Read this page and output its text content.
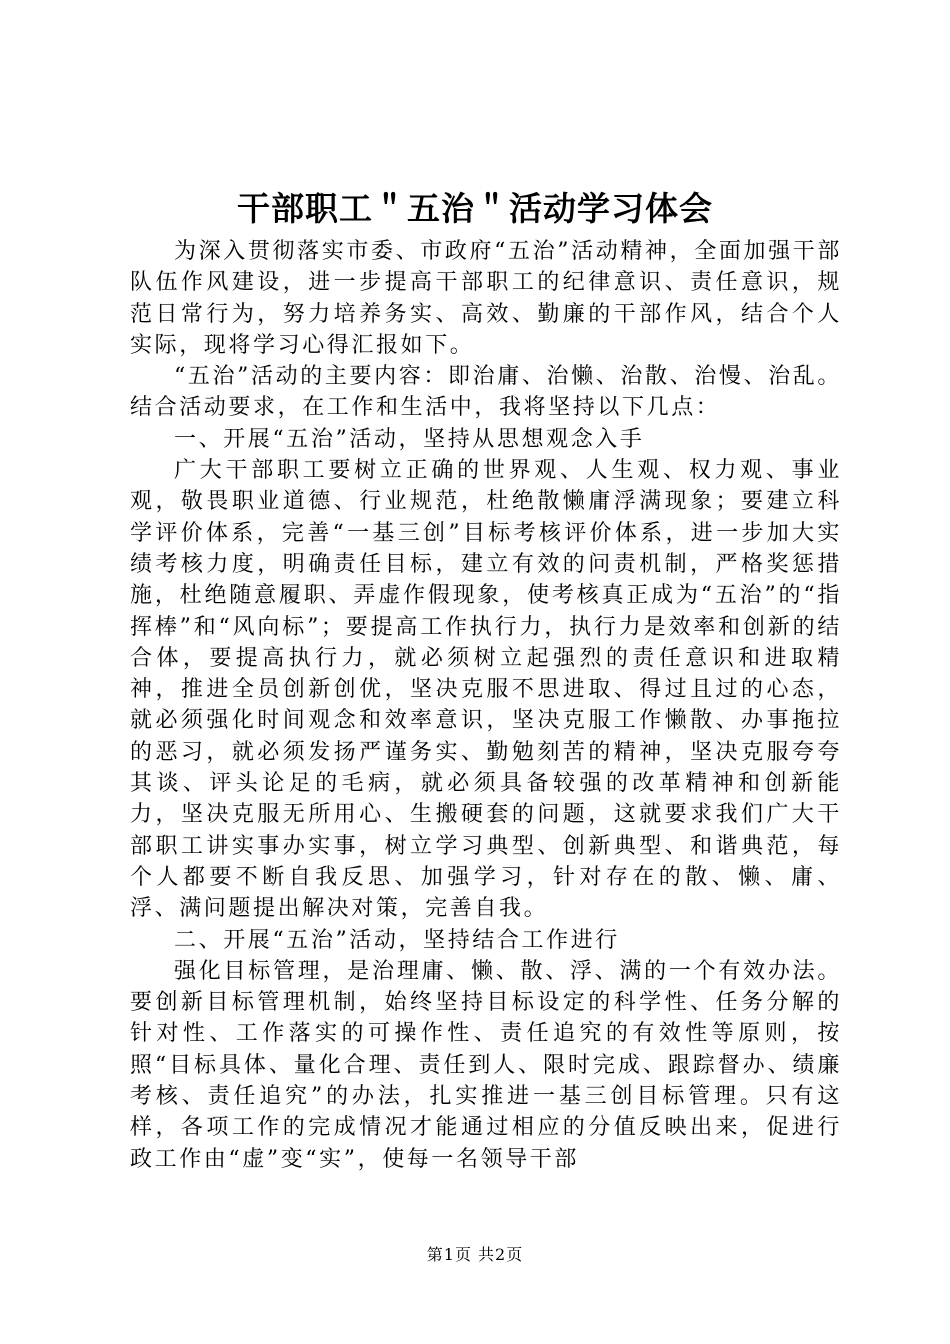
干部职工＂五治＂活动学习体会

为深入贯彻落实市委、市政府“五治”活动精神，全面加强干部队伍作风建设，进一步提高干部职工的纪律意识、责任意识，规范日常行为，努力培养务实、高效、勤廉的干部作风，结合个人实际，现将学习心得汇报如下。

“五治”活动的主要内容：即治庸、治懒、治散、治慢、治乱。结合活动要求，在工作和生活中，我将坚持以下几点：

一、开展“五治”活动，坚持从思想观念入手

广大干部职工要树立正确的世界观、人生观、权力观、事业观，敬畏职业道德、行业规范，杜绝散懒庸浮满现象；要建立科学评价体系，完善“一基三创”目标考核评价体系，进一步加大实绩考核力度，明确责任目标，建立有效的问责机制，严格奖惩措施，杜绝随意履职、弄虚作假现象，使考核真正成为“五治”的“指挥棒”和“风向标”；要提高工作执行力，执行力是效率和创新的结合体，要提高执行力，就必须树立起强烈的责任意识和进取精神，推进全员创新创优，坚决克服不思进取、得过且过的心态，就必须强化时间观念和效率意识，坚决克服工作懒散、办事拖拉的恶习，就必须发扬严谨务实、勤勉刻苦的精神，坚决克服夸夸其谈、评头论足的毛病，就必须具备较强的改革精神和创新能力，坚决克服无所用心、生搬硬套的问题，这就要求我们广大干部职工讲实事办实事，树立学习典型、创新典型、和谐典范，每个人都要不断自我反思、加强学习，针对存在的散、懒、庸、浮、满问题提出解决对策，完善自我。

二、开展“五治”活动，坚持结合工作进行

强化目标管理，是治理庸、懒、散、浮、满的一个有效办法。要创新目标管理机制，始终坚持目标设定的科学性、任务分解的针对性、工作落实的可操作性、责任追究的有效性等原则，按照“目标具体、量化合理、责任到人、限时完成、跟踪督办、绩廉考核、责任追究”的办法，扎实推进一基三创目标管理。只有这样，各项工作的完成情况才能通过相应的分值反映出来，促进行政工作由“虚”变“实”，使每一名领导干部

第1页 共2页
